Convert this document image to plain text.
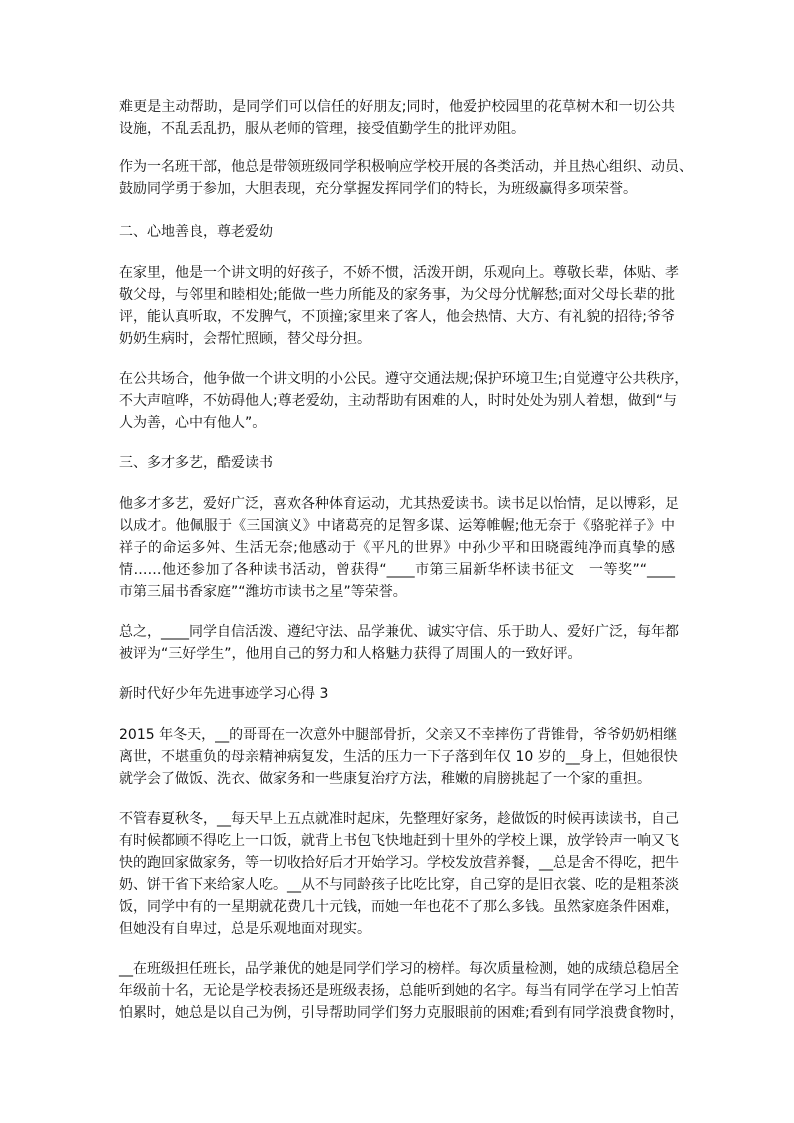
难更是主动帮助，是同学们可以信任的好朋友;同时，他爱护校园里的花草树木和一切公共
设施，不乱丢乱扔，服从老师的管理，接受值勤学生的批评劝阻。
作为一名班干部，他总是带领班级同学积极响应学校开展的各类活动，并且热心组织、动员、
鼓励同学勇于参加，大胆表现，充分掌握发挥同学们的特长，为班级赢得多项荣誉。
二、心地善良，尊老爱幼
在家里，他是一个讲文明的好孩子，不娇不惯，活泼开朗，乐观向上。尊敬长辈，体贴、孝
敬父母，与邻里和睦相处;能做一些力所能及的家务事，为父母分忧解愁;面对父母长辈的批
评，能认真听取，不发脾气，不顶撞;家里来了客人，他会热情、大方、有礼貌的招待;爷爷
奶奶生病时，会帮忙照顾，替父母分担。
在公共场合，他争做一个讲文明的小公民。遵守交通法规;保护环境卫生;自觉遵守公共秩序，
不大声喧哗，不妨碍他人;尊老爱幼，主动帮助有困难的人，时时处处为别人着想，做到“与
人为善，心中有他人”。
三、多才多艺，酷爱读书
他多才多艺，爱好广泛，喜欢各种体育运动，尤其热爱读书。读书足以怡情，足以博彩，足
以成才。他佩服于《三国演义》中诸葛亮的足智多谋、运筹帷幄;他无奈于《骆驼祥子》中
祥子的命运多舛、生活无奈;他感动于《平凡的世界》中孙少平和田晓霞纯净而真挚的感
情……他还参加了各种读书活动，曾获得“____市第三届新华杯读书征文　一等奖”“____
市第三届书香家庭”“潍坊市读书之星”等荣誉。
总之，____同学自信活泼、遵纪守法、品学兼优、诚实守信、乐于助人、爱好广泛，每年都
被评为“三好学生”，他用自己的努力和人格魅力获得了周围人的一致好评。
新时代好少年先进事迹学习心得 3
2015 年冬天，__的哥哥在一次意外中腿部骨折，父亲又不幸摔伤了背锥骨，爷爷奶奶相继
离世，不堪重负的母亲精神病复发，生活的压力一下子落到年仅 10 岁的__身上，但她很快
就学会了做饭、洗衣、做家务和一些康复治疗方法，稚嫩的肩膀挑起了一个家的重担。
不管春夏秋冬，__每天早上五点就准时起床，先整理好家务，趁做饭的时候再读读书，自己
有时候都顾不得吃上一口饭，就背上书包飞快地赶到十里外的学校上课，放学铃声一响又飞
快的跑回家做家务，等一切收拾好后才开始学习。学校发放营养餐，__总是舍不得吃，把牛
奶、饼干省下来给家人吃。__从不与同龄孩子比吃比穿，自己穿的是旧衣裳、吃的是粗茶淡
饭，同学中有的一星期就花费几十元钱，而她一年也花不了那么多钱。虽然家庭条件困难，
但她没有自卑过，总是乐观地面对现实。
__在班级担任班长，品学兼优的她是同学们学习的榜样。每次质量检测，她的成绩总稳居全
年级前十名，无论是学校表扬还是班级表扬，总能听到她的名字。每当有同学在学习上怕苦
怕累时，她总是以自己为例，引导帮助同学们努力克服眼前的困难;看到有同学浪费食物时，
